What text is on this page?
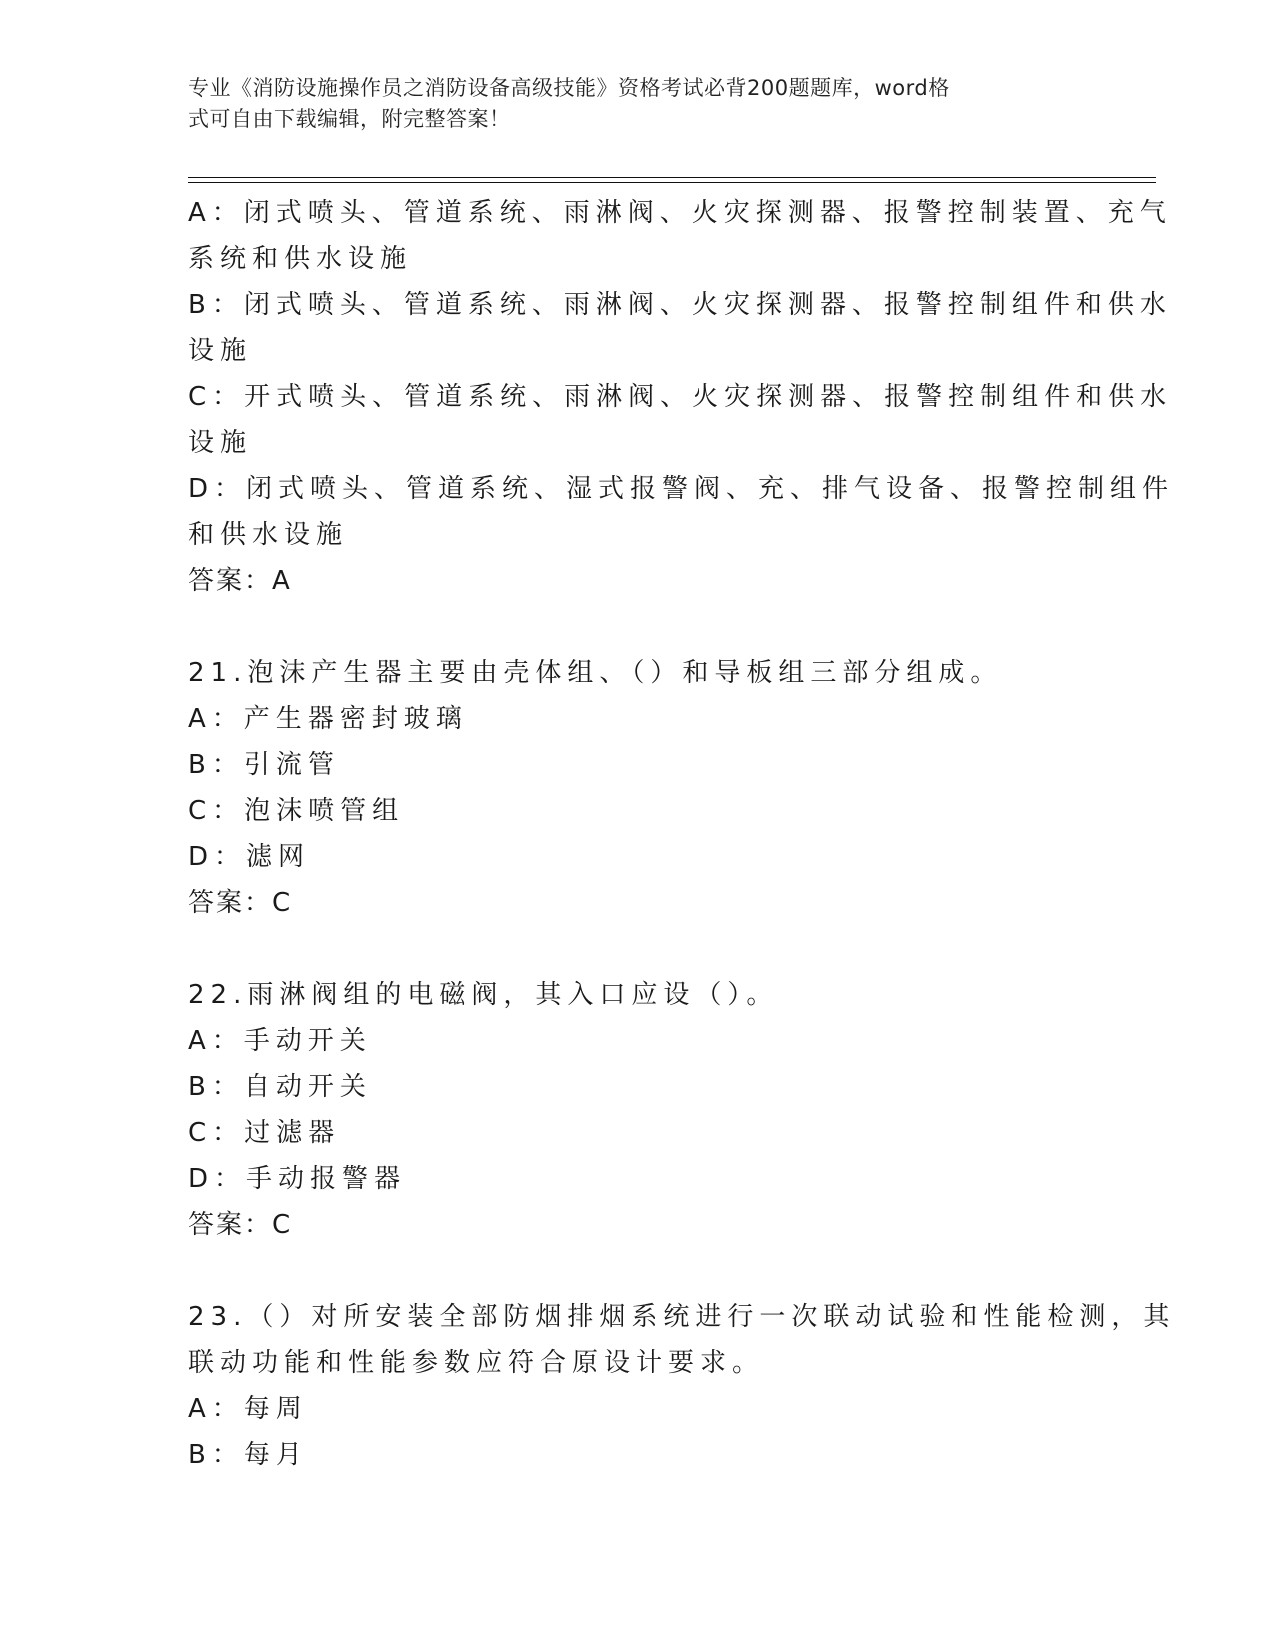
专业《消防设施操作员之消防设备高级技能》资格考试必背200题题库，word格
式可自由下载编辑，附完整答案！
A：闭式喷头、管道系统、雨淋阀、火灾探测器、报警控制装置、充气
系统和供水设施
B：闭式喷头、管道系统、雨淋阀、火灾探测器、报警控制组件和供水
设施
C：开式喷头、管道系统、雨淋阀、火灾探测器、报警控制组件和供水
设施
D：闭式喷头、管道系统、湿式报警阀、充、排气设备、报警控制组件
和供水设施
答案：A
21.泡沫产生器主要由壳体组、（）和导板组三部分组成。
A：产生器密封玻璃
B：引流管
C：泡沫喷管组
D：滤网
答案：C
22.雨淋阀组的电磁阀，其入口应设（）。
A：手动开关
B：自动开关
C：过滤器
D：手动报警器
答案：C
23.（）对所安装全部防烟排烟系统进行一次联动试验和性能检测，其
联动功能和性能参数应符合原设计要求。
A：每周
B：每月
